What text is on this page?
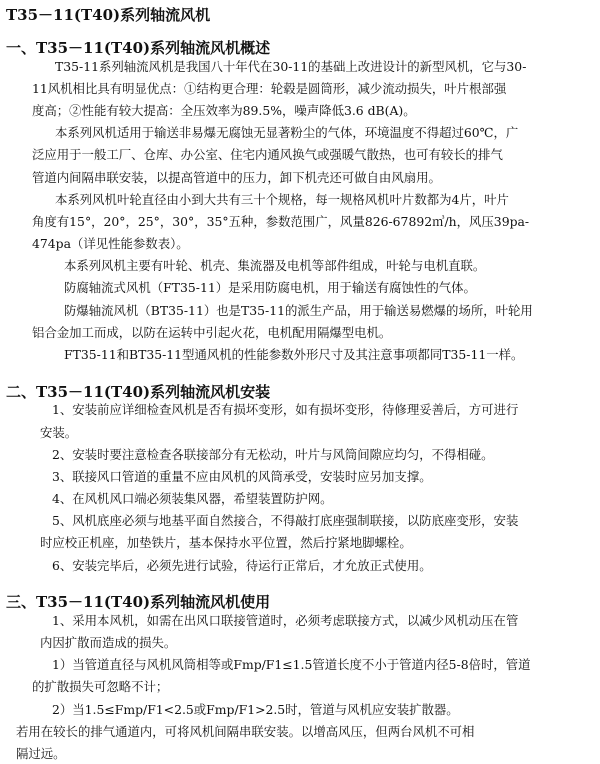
T35－11(T40)系列轴流风机
一、T35－11(T40)系列轴流风机概述
T35-11系列轴流风机是我国八十年代在30-11的基础上改进设计的新型风机，它与30-
11风机相比具有明显优点：①结构更合理：轮毂是圆筒形，减少流动损失，叶片根部强
度高；②性能有较大提高：全压效率为89.5%，噪声降低3.6 dB(A)。
本系列风机适用于输送非易爆无腐蚀无显著粉尘的气体，环境温度不得超过60℃，广
泛应用于一般工厂、仓库、办公室、住宅内通风换气或强暖气散热，也可有较长的排气
管道内间隔串联安装，以提高管道中的压力，卸下机壳还可做自由风扇用。
本系列风机叶轮直径由小到大共有三十个规格，每一规格风机叶片数都为4片，叶片
角度有15°，20°，25°，30°，35°五种，参数范围广，风量826-67892㎥/h，风压39pa-
474pa（详见性能参数表）。
本系列风机主要有叶轮、机壳、集流器及电机等部件组成，叶轮与电机直联。
防腐轴流式风机（FT35-11）是采用防腐电机，用于输送有腐蚀性的气体。
防爆轴流风机（BT35-11）也是T35-11的派生产品，用于输送易燃爆的场所，叶轮用
铝合金加工而成，以防在运转中引起火花，电机配用隔爆型电机。
FT35-11和BT35-11型通风机的性能参数外形尺寸及其注意事项都同T35-11一样。
二、T35－11(T40)系列轴流风机安装
1、安装前应详细检查风机是否有损坏变形，如有损坏变形，待修理妥善后，方可进行
安装。
2、安装时要注意检查各联接部分有无松动，叶片与风筒间隙应均匀，不得相碰。
3、联接风口管道的重量不应由风机的风筒承受，安装时应另加支撑。
4、在风机风口端必须装集风器，希望装置防护网。
5、风机底座必须与地基平面自然接合，不得敲打底座强制联接，以防底座变形，安装
时应校正机座，加垫铁片，基本保持水平位置，然后拧紧地脚螺栓。
6、安装完毕后，必须先进行试验，待运行正常后，才允放正式使用。
三、T35－11(T40)系列轴流风机使用
1、采用本风机，如需在出风口联接管道时，必须考虑联接方式，以减少风机动压在管
内因扩散而造成的损失。
1）当管道直径与风机风筒相等或Fmp/F1≤1.5管道长度不小于管道内径5-8倍时，管道
的扩散损失可忽略不计；
2）当1.5≤Fmp/F1<2.5或Fmp/F1>2.5时，管道与风机应安装扩散器。
若用在较长的排气通道内，可将风机间隔串联安装。以增高风压，但两台风机不可相
隔过远。
